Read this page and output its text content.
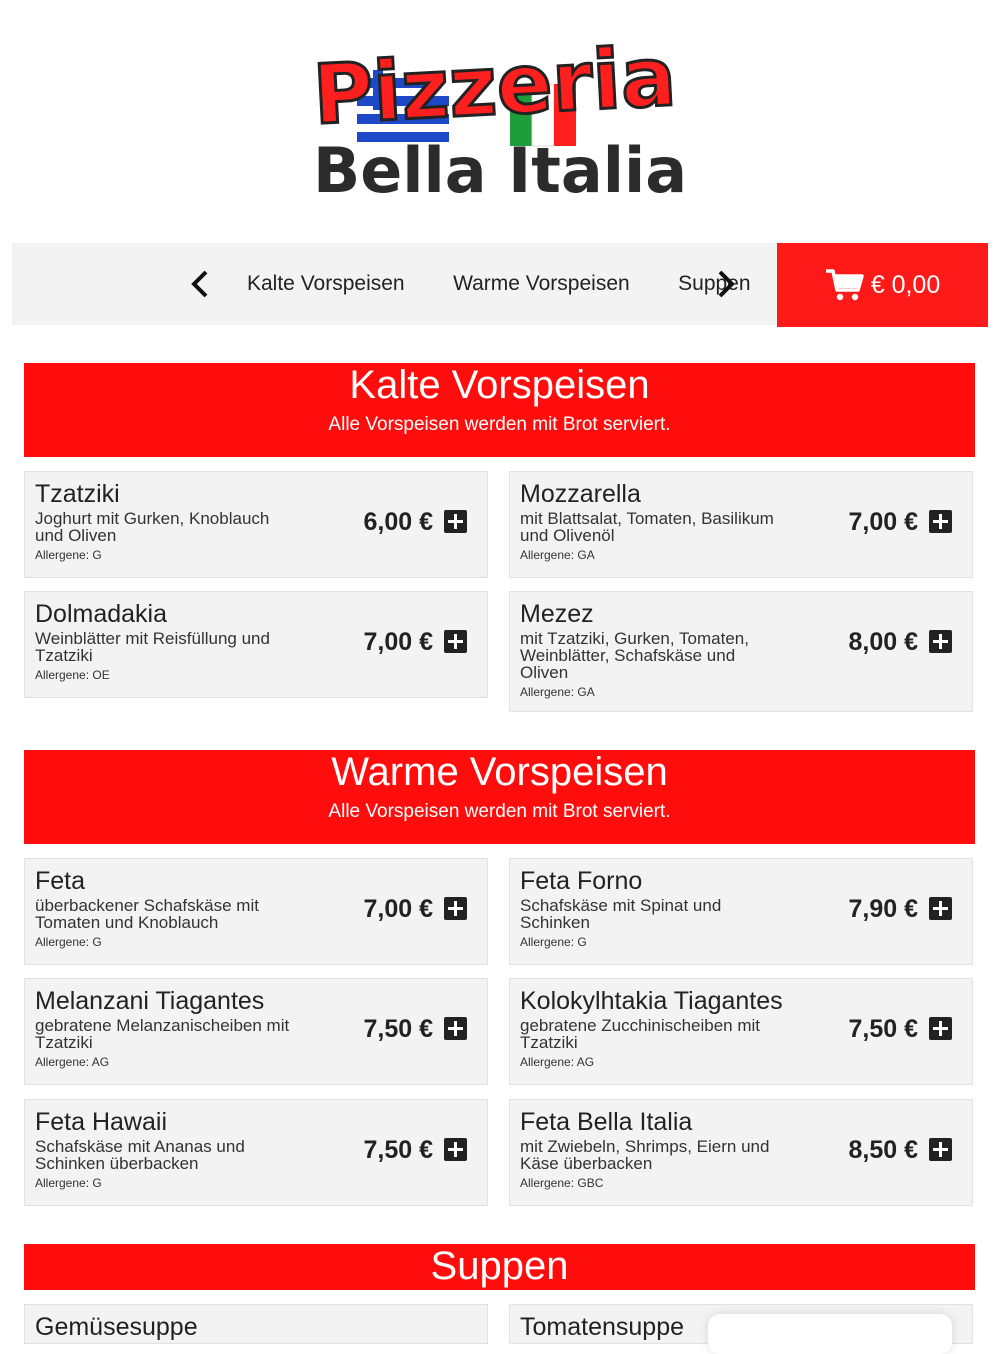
Pizzeria
Bella Italia
Kalte Vorspeisen Warme Vorspeisen Suppen	€ 0,00
Kalte Vorspeisen

Alle Vorspeisen werden mit Brot serviert.

Tzatziki
Joghurt mit Gurken, Knoblauch und Oliven
Allergene: G
6,00 €
Mozzarella
mit Blattsalat, Tomaten, Basilikum und Olivenöl
Allergene: GA
7,00 €
Dolmadakia
Weinblätter mit Reisfüllung und Tzatziki
Allergene: OE
7,00 €
Mezez
mit Tzatziki, Gurken, Tomaten, Weinblätter, Schafskäse und Oliven
Allergene: GA
8,00 €
Warme Vorspeisen

Alle Vorspeisen werden mit Brot serviert.

Feta
überbackener Schafskäse mit Tomaten und Knoblauch
Allergene: G
7,00 €
Feta Forno
Schafskäse mit Spinat und Schinken
Allergene: G
7,90 €
Melanzani Tiagantes
gebratene Melanzanischeiben mit Tzatziki
Allergene: AG
7,50 €
Kolokylhtakia Tiagantes
gebratene Zucchinischeiben mit Tzatziki
Allergene: AG
7,50 €
Feta Hawaii
Schafskäse mit Ananas und Schinken überbacken
Allergene: G
7,50 €
Feta Bella Italia
mit Zwiebeln, Shrimps, Eiern und Käse überbacken
Allergene: GBC
8,50 €
Suppen
Gemüsesuppe	Tomatensuppe
